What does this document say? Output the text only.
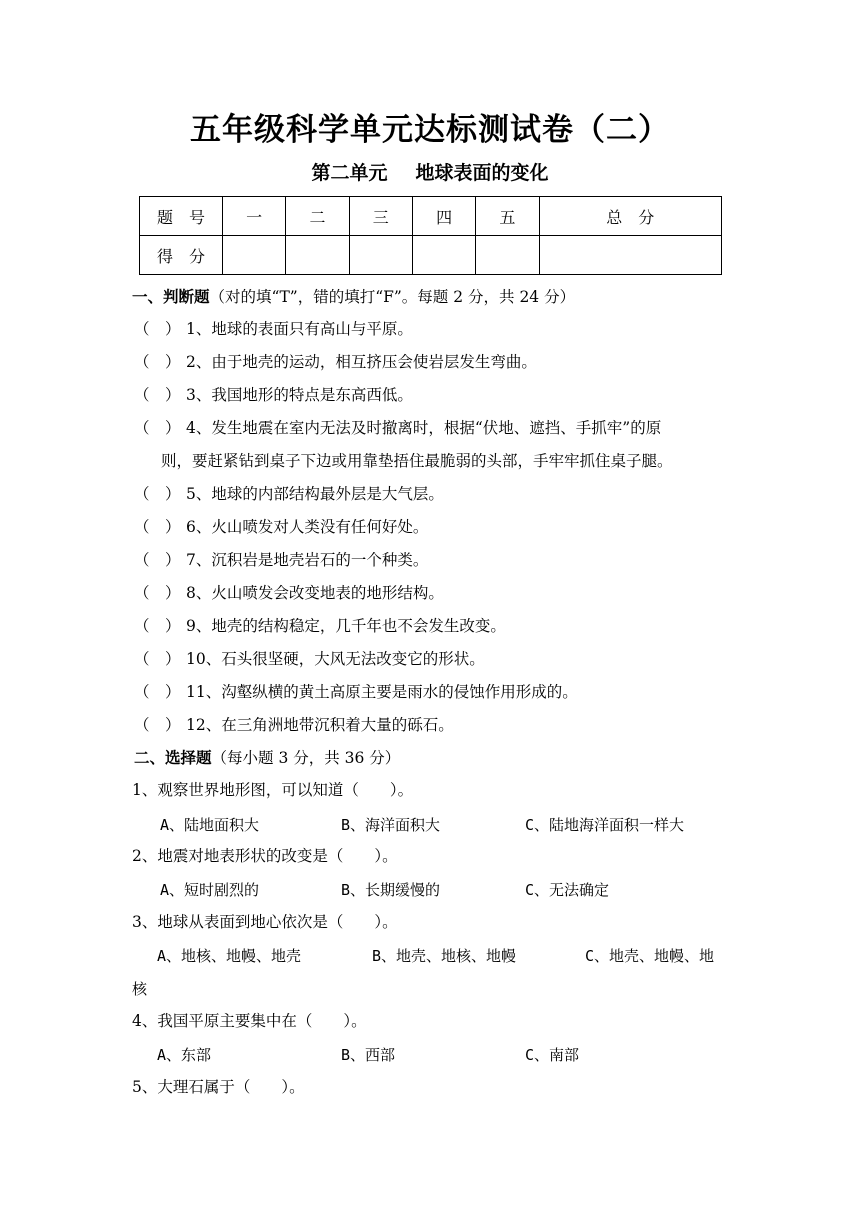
五年级科学单元达标测试卷（二）
第二单元 地球表面的变化
题　号	一	二	三	四	五	总　分
得　分						
一、判断题（对的填“T”，错的填打“F”。每题 2 分，共 24 分）
（　 ） 1、地球的表面只有高山与平原。
（　 ） 2、由于地壳的运动，相互挤压会使岩层发生弯曲。
（　 ） 3、我国地形的特点是东高西低。
（　 ） 4、发生地震在室内无法及时撤离时，根据“伏地、遮挡、手抓牢”的原
则，要赶紧钻到桌子下边或用靠垫捂住最脆弱的头部，手牢牢抓住桌子腿。
（　 ） 5、地球的内部结构最外层是大气层。
（　 ） 6、火山喷发对人类没有任何好处。
（　 ） 7、沉积岩是地壳岩石的一个种类。
（　 ） 8、火山喷发会改变地表的地形结构。
（　 ） 9、地壳的结构稳定，几千年也不会发生改变。
（　 ） 10、石头很坚硬，大风无法改变它的形状。
（　 ） 11、沟壑纵横的黄土高原主要是雨水的侵蚀作用形成的。
（　 ） 12、在三角洲地带沉积着大量的砾石。
二、选择题（每小题 3 分，共 36 分）
1、观察世界地形图，可以知道（　　）。
A、陆地面积大	B、海洋面积大	C、陆地海洋面积一样大
2、地震对地表形状的改变是（　　）。
A、短时剧烈的	B、长期缓慢的	C、无法确定
3、地球从表面到地心依次是（　　）。
A、地核、地幔、地壳	B、地壳、地核、地幔	C、地壳、地幔、地
核
4、我国平原主要集中在（　　）。
A、东部	B、西部	C、南部
5、大理石属于（　　）。
